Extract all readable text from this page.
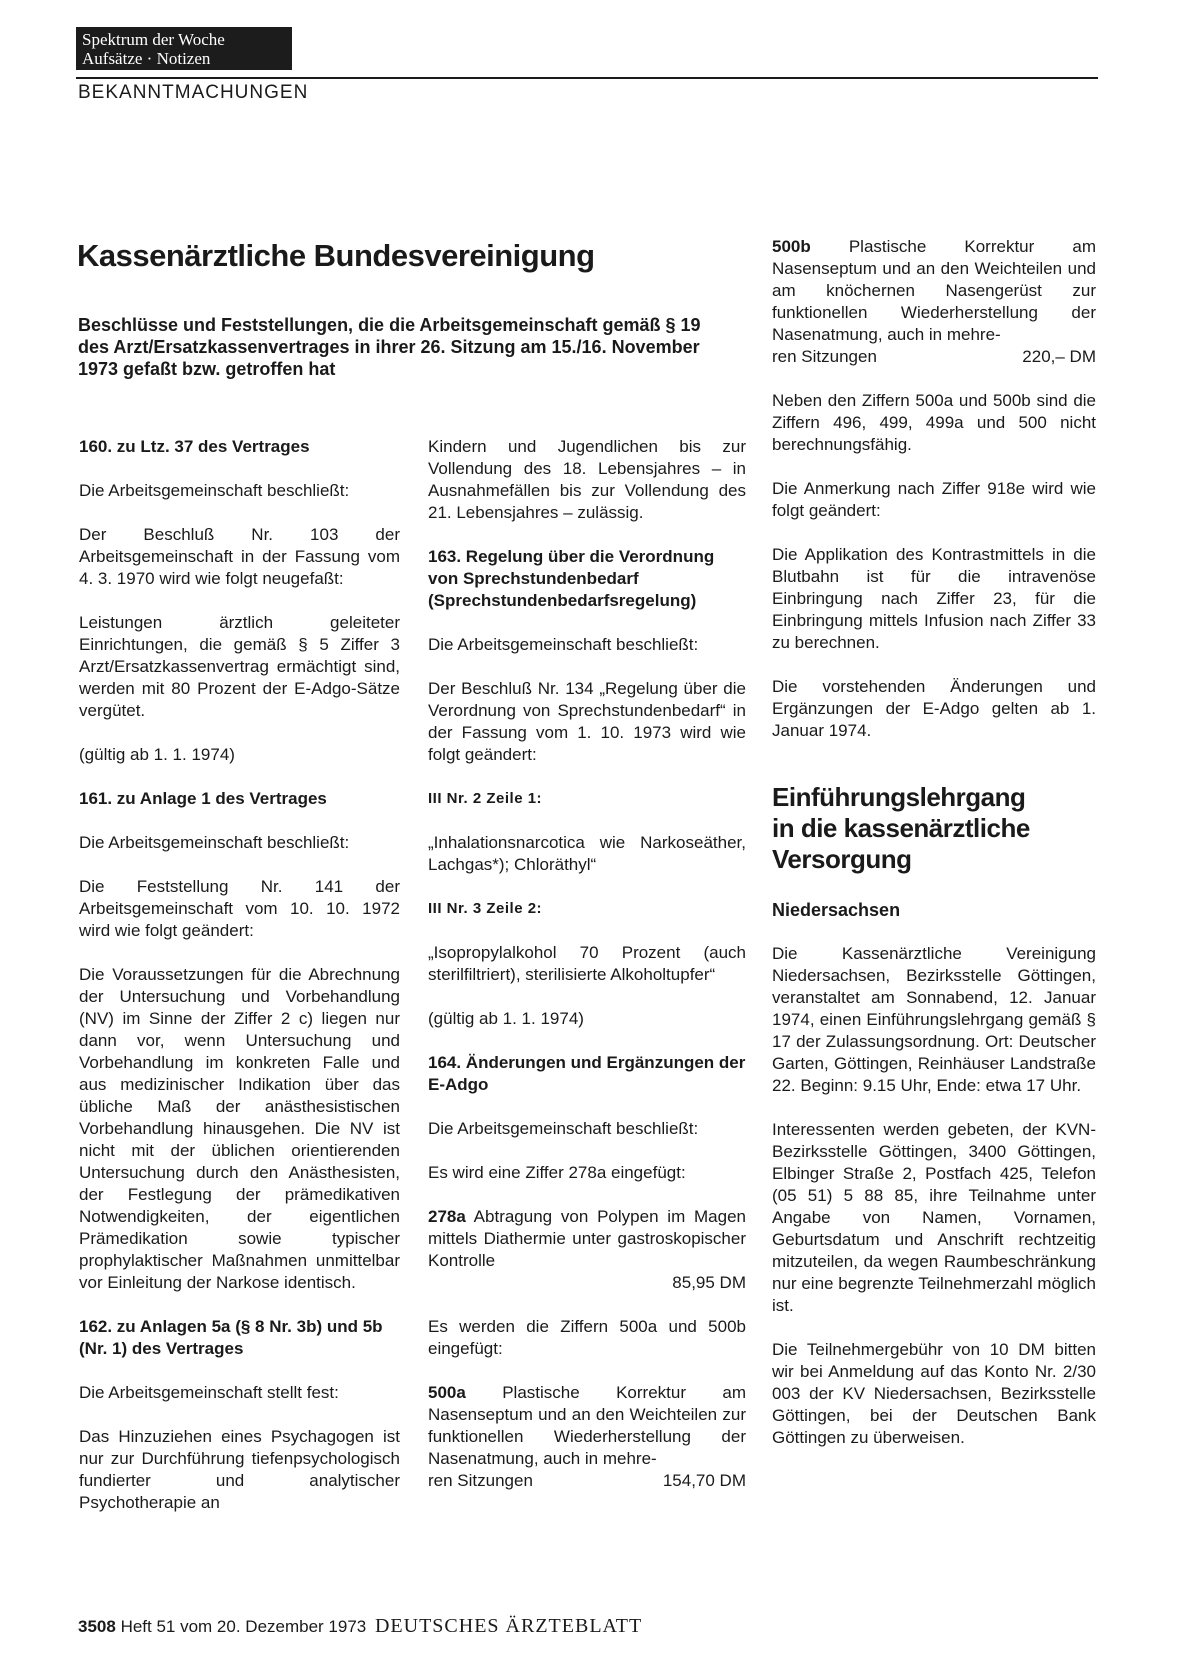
Spektrum der Woche
Aufsätze · Notizen
BEKANNTMACHUNGEN
Kassenärztliche Bundesvereinigung
Beschlüsse und Feststellungen, die die Arbeitsgemeinschaft gemäß § 19 des Arzt/Ersatzkassenvertrages in ihrer 26. Sitzung am 15./16. November 1973 gefaßt bzw. getroffen hat
160. zu Ltz. 37 des Vertrages

Die Arbeitsgemeinschaft beschließt:

Der Beschluß Nr. 103 der Arbeitsgemeinschaft in der Fassung vom 4. 3. 1970 wird wie folgt neugefaßt:

Leistungen ärztlich geleiteter Einrichtungen, die gemäß § 5 Ziffer 3 Arzt/Ersatzkassenvertrag ermächtigt sind, werden mit 80 Prozent der E-Adgo-Sätze vergütet.

(gültig ab 1. 1. 1974)

161. zu Anlage 1 des Vertrages

Die Arbeitsgemeinschaft beschließt:

Die Feststellung Nr. 141 der Arbeitsgemeinschaft vom 10. 10. 1972 wird wie folgt geändert:

Die Voraussetzungen für die Abrechnung der Untersuchung und Vorbehandlung (NV) im Sinne der Ziffer 2 c) liegen nur dann vor, wenn Untersuchung und Vorbehandlung im konkreten Falle und aus medizinischer Indikation über das übliche Maß der anästhesistischen Vorbehandlung hinausgehen. Die NV ist nicht mit der üblichen orientierenden Untersuchung durch den Anästhesisten, der Festlegung der prämedikativen Notwendigkeiten, der eigentlichen Prämedikation sowie typischer prophylaktischer Maßnahmen unmittelbar vor Einleitung der Narkose identisch.

162. zu Anlagen 5a (§ 8 Nr. 3b) und 5b (Nr. 1) des Vertrages

Die Arbeitsgemeinschaft stellt fest:

Das Hinzuziehen eines Psychagogen ist nur zur Durchführung tiefenpsychologisch fundierter und analytischer Psychotherapie an

Kindern und Jugendlichen bis zur Vollendung des 18. Lebensjahres – in Ausnahmefällen bis zur Vollendung des 21. Lebensjahres – zulässig.

163. Regelung über die Verordnung von Sprechstundenbedarf (Sprechstundenbedarfsregelung)

Die Arbeitsgemeinschaft beschließt:

Der Beschluß Nr. 134 „Regelung über die Verordnung von Sprechstundenbedarf“ in der Fassung vom 1. 10. 1973 wird wie folgt geändert:

III Nr. 2 Zeile 1:

„Inhalationsnarcotica wie Narkoseäther, Lachgas*); Chloräthyl“

III Nr. 3 Zeile 2:

„Isopropylalkohol 70 Prozent (auch sterilfiltriert), sterilisierte Alkoholtupfer“

(gültig ab 1. 1. 1974)

164. Änderungen und Ergänzungen der E-Adgo

Die Arbeitsgemeinschaft beschließt:

Es wird eine Ziffer 278a eingefügt:

278a Abtragung von Polypen im Magen mittels Diathermie unter gastroskopischer Kontrolle

85,95 DM

Es werden die Ziffern 500a und 500b eingefügt:

500a Plastische Korrektur am Nasenseptum und an den Weichteilen zur funktionellen Wiederherstellung der Nasenatmung, auch in mehre-

ren Sitzungen	154,70 DM

500b Plastische Korrektur am Nasenseptum und an den Weichteilen und am knöchernen Nasengerüst zur funktionellen Wiederherstellung der Nasenatmung, auch in mehre-

ren Sitzungen	220,– DM

Neben den Ziffern 500a und 500b sind die Ziffern 496, 499, 499a und 500 nicht berechnungsfähig.

Die Anmerkung nach Ziffer 918e wird wie folgt geändert:

Die Applikation des Kontrastmittels in die Blutbahn ist für die intravenöse Einbringung nach Ziffer 23, für die Einbringung mittels Infusion nach Ziffer 33 zu berechnen.

Die vorstehenden Änderungen und Ergänzungen der E-Adgo gelten ab 1. Januar 1974.

Einführungslehrgang
in die kassenärztliche
Versorgung
Niedersachsen

Die Kassenärztliche Vereinigung Niedersachsen, Bezirksstelle Göttingen, veranstaltet am Sonnabend, 12. Januar 1974, einen Einführungslehrgang gemäß § 17 der Zulassungsordnung. Ort: Deutscher Garten, Göttingen, Reinhäuser Landstraße 22. Beginn: 9.15 Uhr, Ende: etwa 17 Uhr.

Interessenten werden gebeten, der KVN-Bezirksstelle Göttingen, 3400 Göttingen, Elbinger Straße 2, Postfach 425, Telefon (05 51) 5 88 85, ihre Teilnahme unter Angabe von Namen, Vornamen, Geburtsdatum und Anschrift rechtzeitig mitzuteilen, da wegen Raumbeschränkung nur eine begrenzte Teilnehmerzahl möglich ist.

Die Teilnehmergebühr von 10 DM bitten wir bei Anmeldung auf das Konto Nr. 2/30 003 der KV Niedersachsen, Bezirksstelle Göttingen, bei der Deutschen Bank Göttingen zu überweisen.

3508 Heft 51 vom 20. Dezember 1973 DEUTSCHES ÄRZTEBLATT
